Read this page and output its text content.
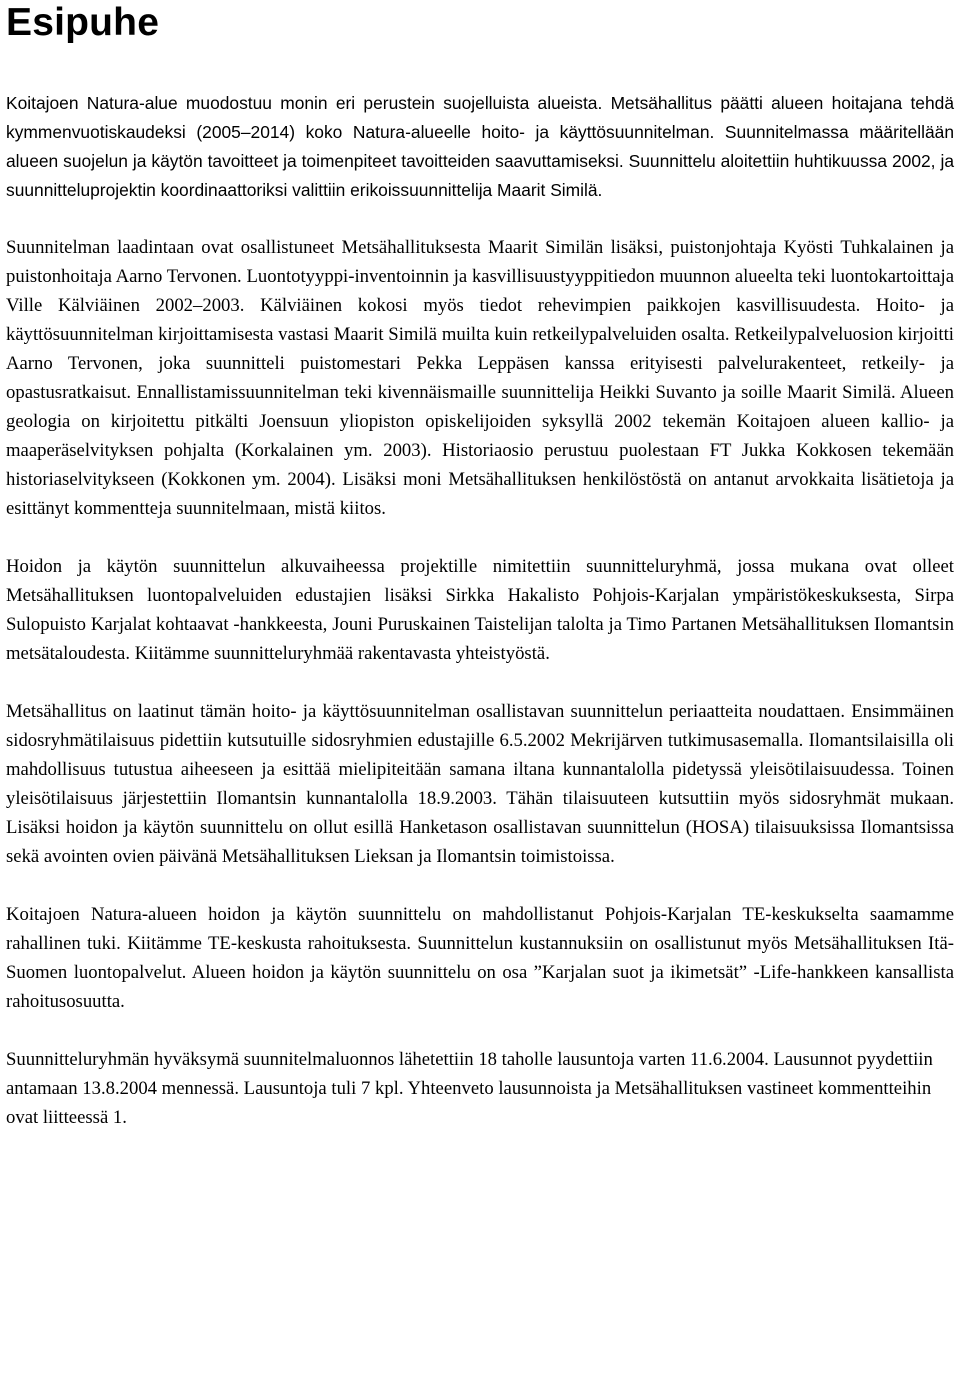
Esipuhe

Koitajoen Natura-alue muodostuu monin eri perustein suojelluista alueista. Metsähallitus päätti alueen hoitajana tehdä kymmenvuotiskaudeksi (2005–2014) koko Natura-alueelle hoito- ja käyttösuunnitelman. Suunnitelmassa määritellään alueen suojelun ja käytön tavoitteet ja toimenpiteet tavoitteiden saavuttamiseksi. Suunnittelu aloitettiin huhtikuussa 2002, ja suunnitteluprojektin koordinaattoriksi valittiin erikoissuunnittelija Maarit Similä.

Suunnitelman laadintaan ovat osallistuneet Metsähallituksesta Maarit Similän lisäksi, puistonjohtaja Kyösti Tuhkalainen ja puistonhoitaja Aarno Tervonen. Luontotyyppi-inventoinnin ja kasvillisuustyyppitiedon muunnon alueelta teki luontokartoittaja Ville Kälviäinen 2002–2003. Kälviäinen kokosi myös tiedot rehevimpien paikkojen kasvillisuudesta. Hoito- ja käyttösuunnitelman kirjoittamisesta vastasi Maarit Similä muilta kuin retkeilypalveluiden osalta. Retkeilypalveluosion kirjoitti Aarno Tervonen, joka suunnitteli puistomestari Pekka Leppäsen kanssa erityisesti palvelurakenteet, retkeily- ja opastusratkaisut. Ennallistamissuunnitelman teki kivennäismaille suunnittelija Heikki Suvanto ja soille Maarit Similä. Alueen geologia on kirjoitettu pitkälti Joensuun yliopiston opiskelijoiden syksyllä 2002 tekemän Koitajoen alueen kallio- ja maaperäselvityksen pohjalta (Korkalainen ym. 2003). Historiaosio perustuu puolestaan FT Jukka Kokkosen tekemään historiaselvitykseen (Kokkonen ym. 2004). Lisäksi moni Metsähallituksen henkilöstöstä on antanut arvokkaita lisätietoja ja esittänyt kommentteja suunnitelmaan, mistä kiitos.

Hoidon ja käytön suunnittelun alkuvaiheessa projektille nimitettiin suunnitteluryhmä, jossa mukana ovat olleet Metsähallituksen luontopalveluiden edustajien lisäksi Sirkka Hakalisto Pohjois-Karjalan ympäristökeskuksesta, Sirpa Sulopuisto Karjalat kohtaavat -hankkeesta, Jouni Puruskainen Taistelijan talolta ja Timo Partanen Metsähallituksen Ilomantsin metsätaloudesta. Kiitämme suunnitteluryhmää rakentavasta yhteistyöstä.

Metsähallitus on laatinut tämän hoito- ja käyttösuunnitelman osallistavan suunnittelun periaatteita noudattaen. Ensimmäinen sidosryhmätilaisuus pidettiin kutsutuille sidosryhmien edustajille 6.5.2002 Mekrijärven tutkimusasemalla. Ilomantsilaisilla oli mahdollisuus tutustua aiheeseen ja esittää mielipiteitään samana iltana kunnantalolla pidetyssä yleisötilaisuudessa. Toinen yleisötilaisuus järjestettiin Ilomantsin kunnantalolla 18.9.2003. Tähän tilaisuuteen kutsuttiin myös sidosryhmät mukaan. Lisäksi hoidon ja käytön suunnittelu on ollut esillä Hanketason osallistavan suunnittelun (HOSA) tilaisuuksissa Ilomantsissa sekä avointen ovien päivänä Metsähallituksen Lieksan ja Ilomantsin toimistoissa.

Koitajoen Natura-alueen hoidon ja käytön suunnittelu on mahdollistanut Pohjois-Karjalan TE-keskukselta saamamme rahallinen tuki. Kiitämme TE-keskusta rahoituksesta. Suunnittelun kustannuksiin on osallistunut myös Metsähallituksen Itä-Suomen luontopalvelut. Alueen hoidon ja käytön suunnittelu on osa ”Karjalan suot ja ikimetsät” -Life-hankkeen kansallista rahoitusosuutta.

Suunnitteluryhmän hyväksymä suunnitelmaluonnos lähetettiin 18 taholle lausuntoja varten 11.6.2004. Lausunnot pyydettiin antamaan 13.8.2004 mennessä. Lausuntoja tuli 7 kpl. Yhteenveto lausunnoista ja Metsähallituksen vastineet kommentteihin ovat liitteessä 1.
